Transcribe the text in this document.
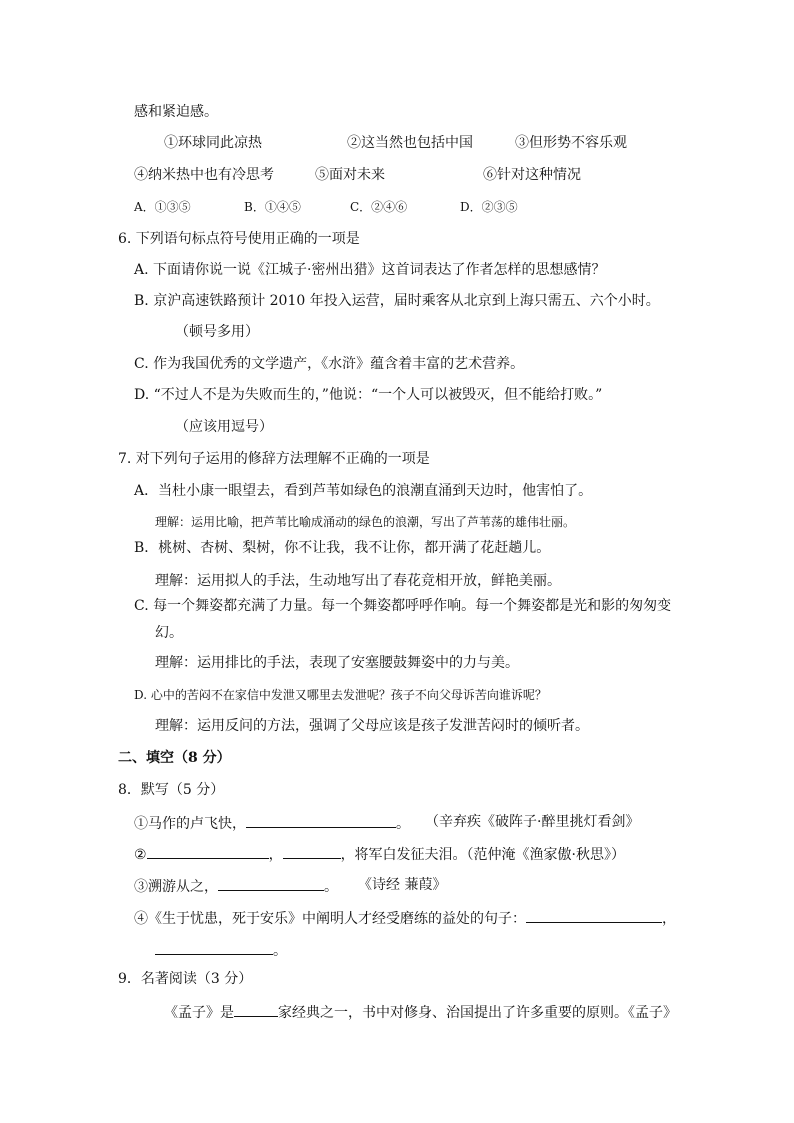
感和紧迫感。
①环球同此凉热	②这当然也包括中国	③但形势不容乐观
④纳米热中也有冷思考	⑤面对未来	⑥针对这种情况
A．①③⑤	B．①④⑤	C．②④⑥	D．②③⑤
6. 下列语句标点符号使用正确的一项是
A. 下面请你说一说《江城子·密州出猎》这首词表达了作者怎样的思想感情？
B. 京沪高速铁路预计 2010 年投入运营，届时乘客从北京到上海只需五、六个小时。
（顿号多用）
C. 作为我国优秀的文学遗产，《水浒》蕴含着丰富的艺术营养。
D. “不过人不是为失败而生的，”他说：“一个人可以被毁灭，但不能给打败。”
（应该用逗号）
7. 对下列句子运用的修辞方法理解不正确的一项是
A．当杜小康一眼望去，看到芦苇如绿色的浪潮直涌到天边时，他害怕了。
理解：运用比喻，把芦苇比喻成涌动的绿色的浪潮，写出了芦苇荡的雄伟壮丽。
B．桃树、杏树、梨树，你不让我，我不让你，都开满了花赶趟儿。
理解：运用拟人的手法，生动地写出了春花竞相开放，鲜艳美丽。
C. 每一个舞姿都充满了力量。每一个舞姿都呼呼作响。每一个舞姿都是光和影的匆匆变
幻。
理解：运用排比的手法，表现了安塞腰鼓舞姿中的力与美。
D. 心中的苦闷不在家信中发泄又哪里去发泄呢？孩子不向父母诉苦向谁诉呢？
理解：运用反问的方法，强调了父母应该是孩子发泄苦闷时的倾听者。
二、填空（8 分）
8．默写（5 分）
①马作的卢飞快，	。 （辛弃疾《破阵子·醉里挑灯看剑》
②	，	，将军白发征夫泪。（范仲淹《渔家傲·秋思》）
③溯游从之，	。 《诗经 蒹葭》
④《生于忧患，死于安乐》中阐明人才经受磨练的益处的句子：	，
。
9．名著阅读（3 分）
《孟子》是	家经典之一，书中对修身、治国提出了许多重要的原则。《孟子》
